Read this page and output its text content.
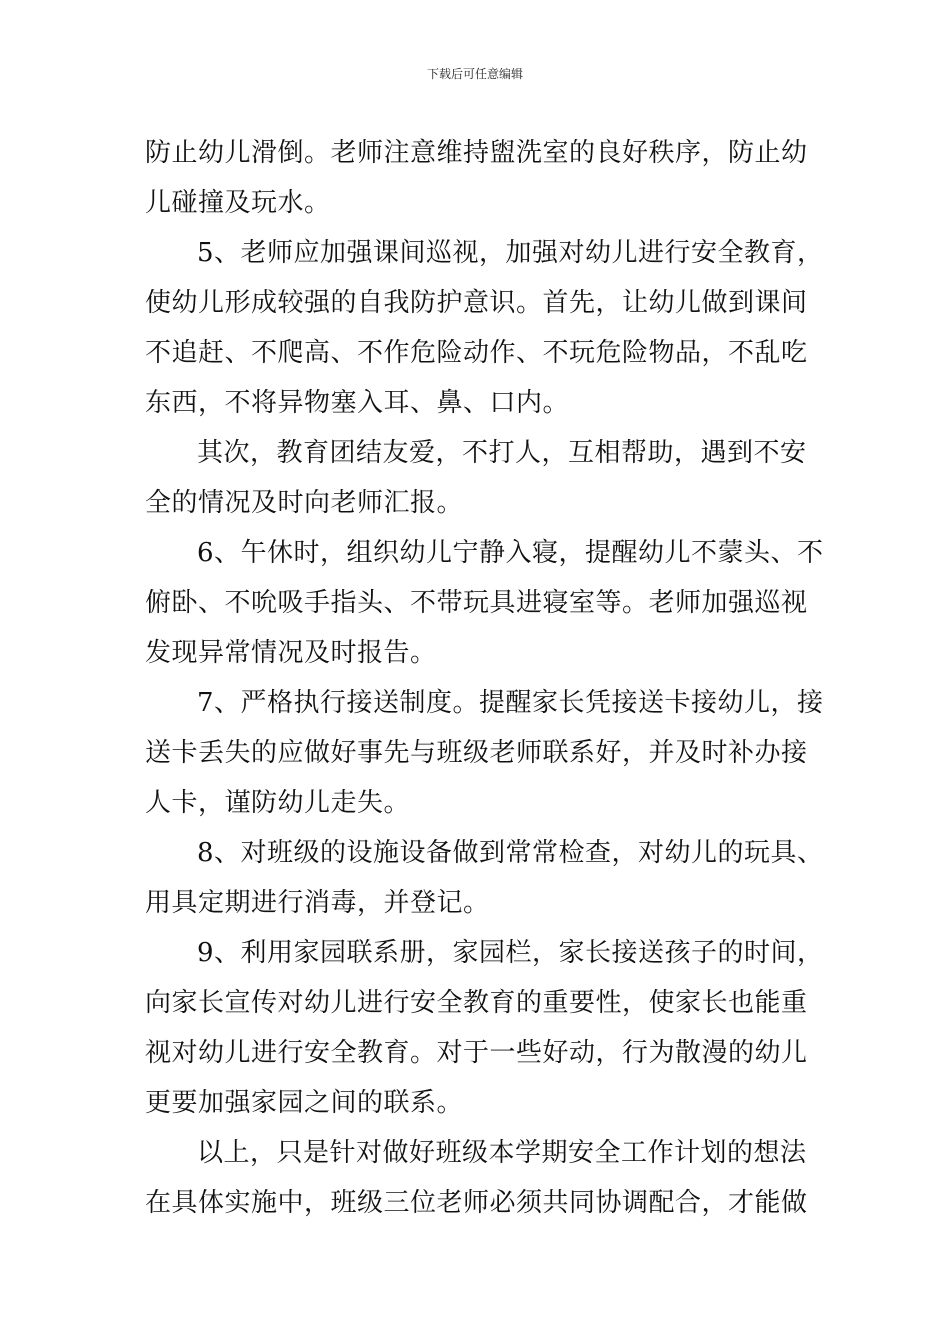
下载后可任意编辑
防止幼儿滑倒。老师注意维持盥洗室的良好秩序，防止幼
儿碰撞及玩水。
5、老师应加强课间巡视，加强对幼儿进行安全教育，
使幼儿形成较强的自我防护意识。首先，让幼儿做到课间
不追赶、不爬高、不作危险动作、不玩危险物品，不乱吃
东西，不将异物塞入耳、鼻、口内。
其次，教育团结友爱，不打人，互相帮助，遇到不安
全的情况及时向老师汇报。
6、午休时，组织幼儿宁静入寝，提醒幼儿不蒙头、不
俯卧、不吮吸手指头、不带玩具进寝室等。老师加强巡视
发现异常情况及时报告。
7、严格执行接送制度。提醒家长凭接送卡接幼儿，接
送卡丢失的应做好事先与班级老师联系好，并及时补办接
人卡，谨防幼儿走失。
8、对班级的设施设备做到常常检查，对幼儿的玩具、
用具定期进行消毒，并登记。
9、利用家园联系册，家园栏，家长接送孩子的时间，
向家长宣传对幼儿进行安全教育的重要性，使家长也能重
视对幼儿进行安全教育。对于一些好动，行为散漫的幼儿
更要加强家园之间的联系。
以上，只是针对做好班级本学期安全工作计划的想法
在具体实施中，班级三位老师必须共同协调配合，才能做
